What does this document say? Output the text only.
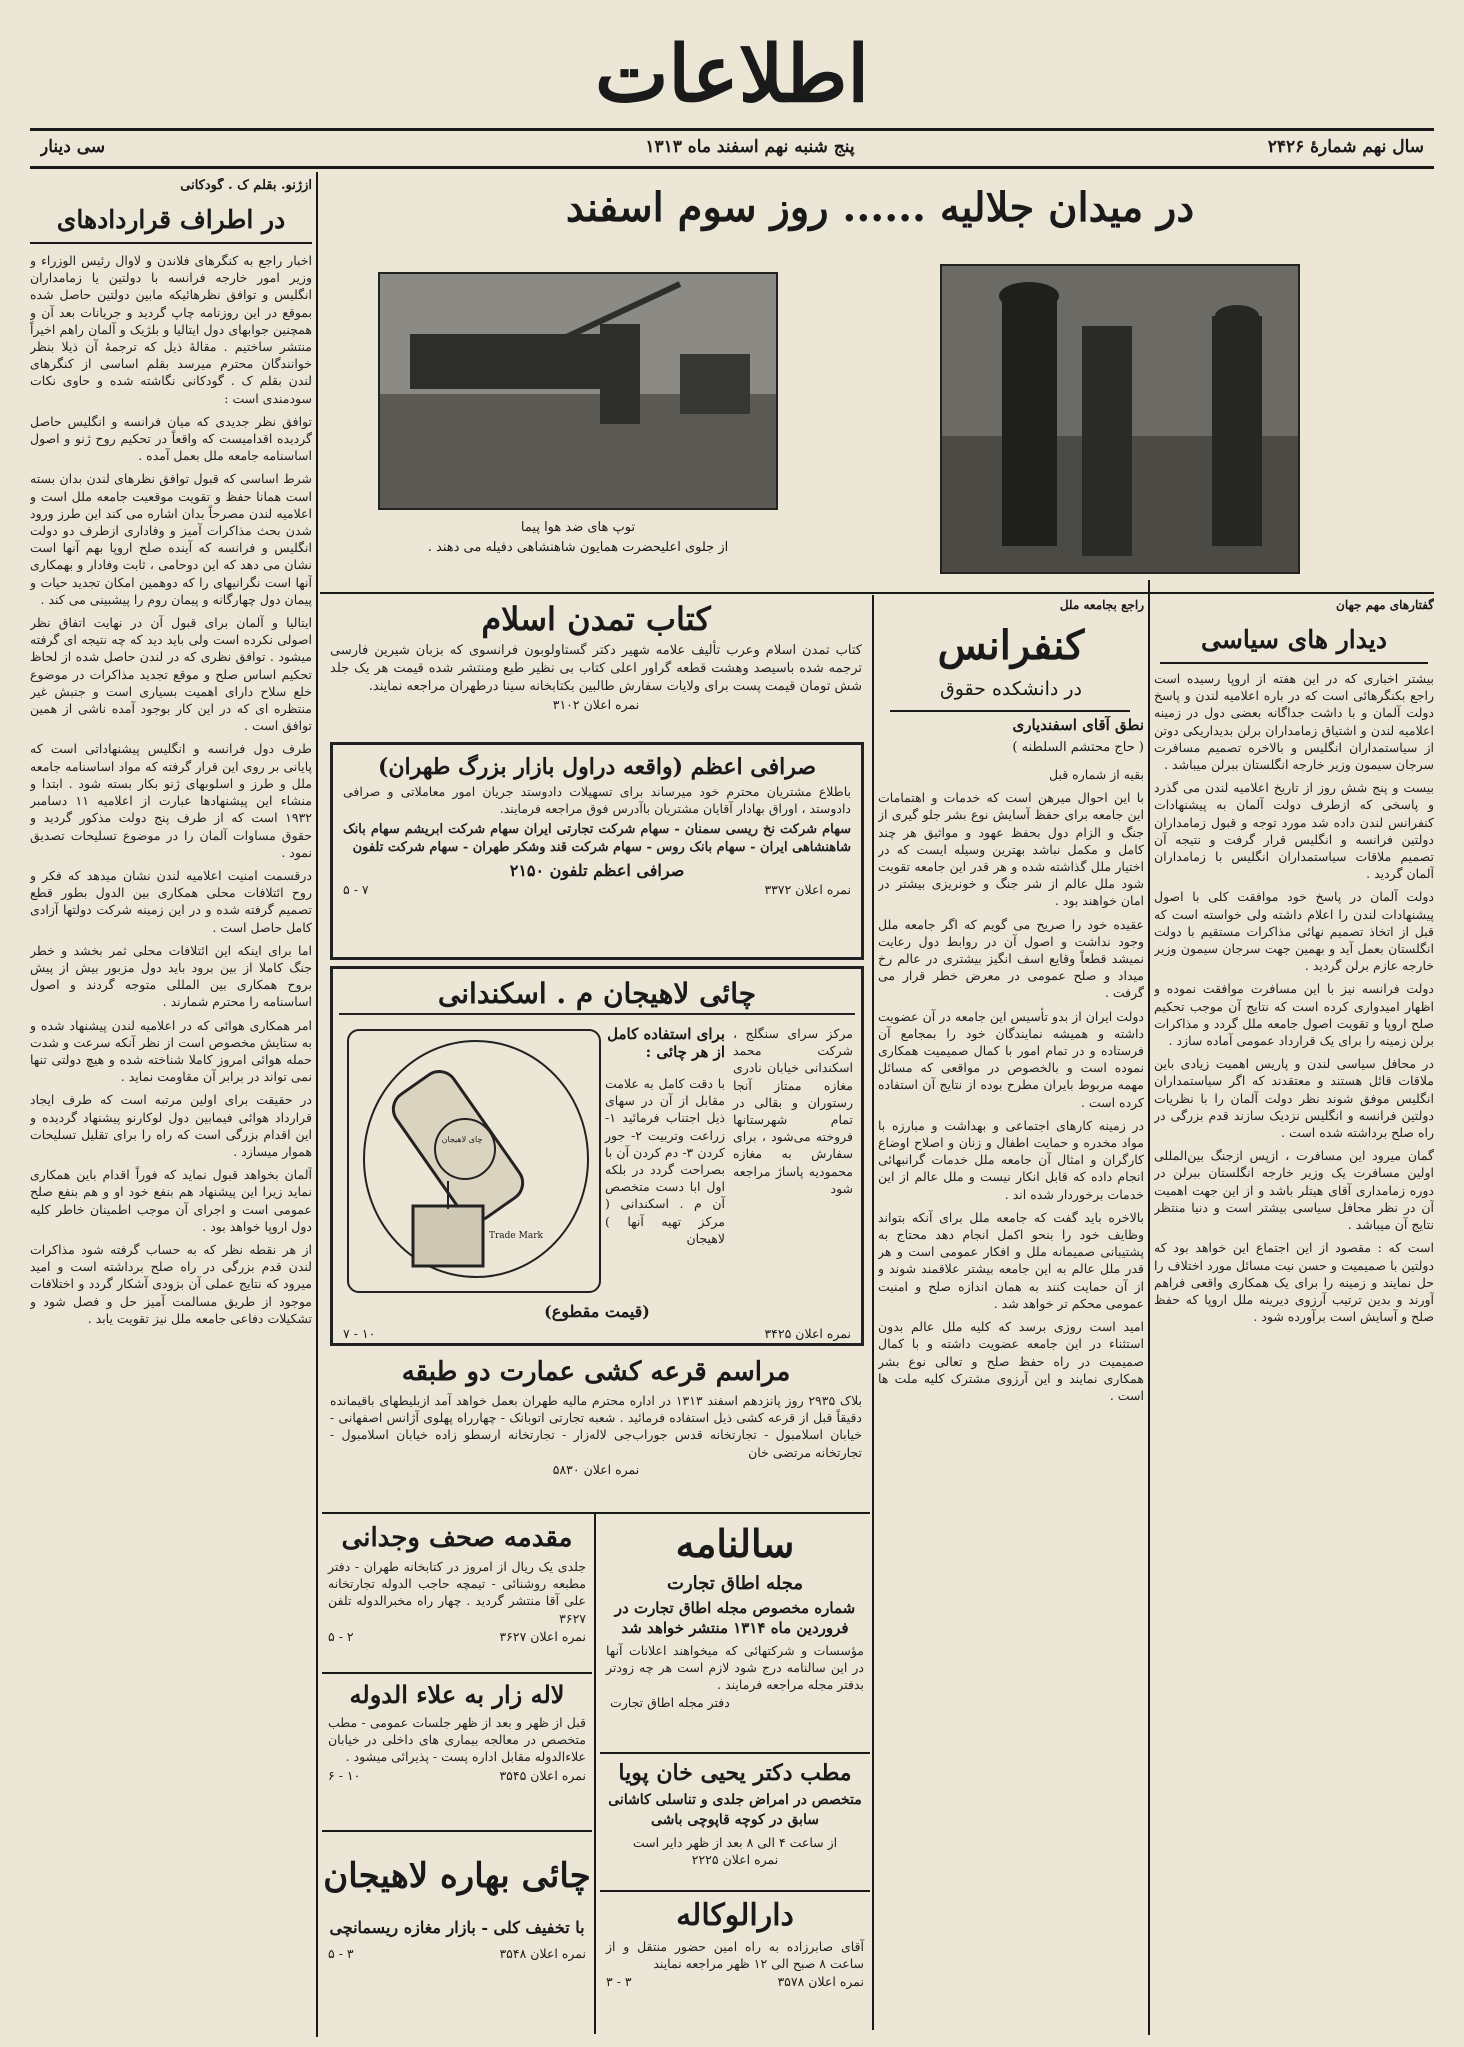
اطلاعات
سال نهم شمارهٔ ۲۴۲۶
پنج شنبه نهم اسفند ماه ۱۳۱۳
سی دینار
در میدان جلالیه ...... روز سوم اسفند
توپ های ضد هوا پیما
از جلوی اعلیحضرت همایون شاهنشاهی دفیله می دهند .
ازژنو. بقلم ک . گودکانی
در اطراف قراردادهای

اخبار راجع به کنگرهای فلاندن و لاوال رئیس الوزراء و وزیر امور خارجه فرانسه با دولتین یا زمامداران انگلیس و توافق نظرهائیکه مابین دولتین حاصل شده بموقع در این روزنامه چاپ گردید و جریانات بعد آن و همچنین جوابهای دول ایتالیا و بلژیک و آلمان راهم اخیراً منتشر ساختیم . مقالهٔ ذیل که ترجمهٔ آن ذیلا بنظر خوانندگان محترم میرسد بقلم اساسی از کنگرهای لندن بقلم ک . گودکانی نگاشته شده و حاوی نکات سودمندی است :

توافق نظر جدیدی که میان فرانسه و انگلیس حاصل گردیده اقدامیست که واقعاً در تحکیم روح ژنو و اصول اساسنامه جامعه ملل بعمل آمده .

شرط اساسی که قبول توافق نظرهای لندن بدان بسته است همانا حفظ و تقویت موقعیت جامعه ملل است و اعلامیه لندن مصرحاً بدان اشاره می کند این طرز ورود شدن بحث مذاکرات آمیز و وفاداری ازطرف دو دولت انگلیس و فرانسه که آینده صلح اروپا بهم آنها است نشان می دهد که این دوحامی ، ثابت وفادار و بهمکاری آنها است نگرانیهای را که دوهمین امکان تجدید حیات و پیمان دول چهارگانه و پیمان روم را پیشبینی می کند .

ایتالیا و آلمان برای قبول آن در نهایت اتفاق نظر اصولی نکرده است ولی باید دید که چه نتیجه ای گرفته میشود . توافق نظری که در لندن حاصل شده از لحاظ تحکیم اساس صلح و موقع تجدید مذاکرات در موضوع خلع سلاح دارای اهمیت بسیاری است و جنبش غیر منتظره ای که در این کار بوجود آمده ناشی از همین توافق است .

طرف دول فرانسه و انگلیس پیشنهاداتی است که پایانی بر روی این قرار گرفته که مواد اساسنامه جامعه ملل و طرز و اسلوبهای ژنو بکار بسته شود . ابتدا و منشاء این پیشنهادها عبارت از اعلامیه ۱۱ دسامبر ۱۹۳۲ است که از طرف پنج دولت مذکور گردید و حقوق مساوات آلمان را در موضوع تسلیحات تصدیق نمود .

درقسمت امنیت اعلامیه لندن نشان میدهد که فکر و روح ائتلافات محلی همکاری بین الدول بطور قطع تصمیم گرفته شده و در این زمینه شرکت دولتها آزادی کامل حاصل است .

اما برای اینکه این ائتلافات محلی ثمر بخشد و خطر جنگ کاملا از بین برود باید دول مزبور بیش از پیش بروح همکاری بین المللی متوجه گردند و اصول اساسنامه را محترم شمارند .

امر همکاری هوائی که در اعلامیه لندن پیشنهاد شده و به ستایش مخصوص است از نظر آنکه سرعت و شدت حمله هوائی امروز کاملا شناخته شده و هیچ دولتی تنها نمی تواند در برابر آن مقاومت نماید .

در حقیقت برای اولین مرتبه است که طرف ایجاد قرارداد هوائی فیمابین دول لوکارنو پیشنهاد گردیده و این اقدام بزرگی است که راه را برای تقلیل تسلیحات هموار میسازد .

آلمان بخواهد قبول نماید که فوراً اقدام باین همکاری نماید زیرا این پیشنهاد هم بنفع خود او و هم بنفع صلح عمومی است و اجرای آن موجب اطمینان خاطر کلیه دول اروپا خواهد بود .

از هر نقطه نظر که به حساب گرفته شود مذاکرات لندن قدم بزرگی در راه صلح برداشته است و امید میرود که نتایج عملی آن بزودی آشکار گردد و اختلافات موجود از طریق مسالمت آمیز حل و فصل شود و تشکیلات دفاعی جامعه ملل نیز تقویت یابد .

گفتارهای مهم جهان
دیدار های سیاسی

بیشتر اخباری که در این هفته از اروپا رسیده است راجع بکنگرهائی است که در باره اعلامیه لندن و پاسخ دولت آلمان و با داشت جداگانه بعضی دول در زمینه اعلامیه لندن و اشتیاق زمامداران برلن بدیداریکی دوتن از سیاستمداران انگلیس و بالاخره تصمیم مسافرت سرجان سیمون وزیر خارجه انگلستان ببرلن میباشد .

بیست و پنج شش روز از تاریخ اعلامیه لندن می گذرد و پاسخی که ازطرف دولت آلمان به پیشنهادات کنفرانس لندن داده شد مورد توجه و قبول زمامداران دولتین فرانسه و انگلیس قرار گرفت و نتیجه آن تصمیم ملاقات سیاستمداران انگلیس با زمامداران آلمان گردید .

دولت آلمان در پاسخ خود موافقت کلی با اصول پیشنهادات لندن را اعلام داشته ولی خواسته است که قبل از اتخاذ تصمیم نهائی مذاکرات مستقیم با دولت انگلستان بعمل آید و بهمین جهت سرجان سیمون وزیر خارجه عازم برلن گردید .

دولت فرانسه نیز با این مسافرت موافقت نموده و اظهار امیدواری کرده است که نتایج آن موجب تحکیم صلح اروپا و تقویت اصول جامعه ملل گردد و مذاکرات برلن زمینه را برای یک قرارداد عمومی آماده سازد .

در محافل سیاسی لندن و پاریس اهمیت زیادی باین ملاقات قائل هستند و معتقدند که اگر سیاستمداران انگلیس موفق شوند نظر دولت آلمان را با نظریات دولتین فرانسه و انگلیس نزدیک سازند قدم بزرگی در راه صلح برداشته شده است .

گمان میرود این مسافرت ، ازپس ازجنگ بین‌المللی اولین مسافرت یک وزیر خارجه انگلستان ببرلن در دوره زمامداری آقای هیتلر باشد و از این جهت اهمیت آن در نظر محافل سیاسی بیشتر است و دنیا منتظر نتایج آن میباشد .

است که : مقصود از این اجتماع این خواهد بود که دولتین با صمیمیت و حسن نیت مسائل مورد اختلاف را حل نمایند و زمینه را برای یک همکاری واقعی فراهم آورند و بدین ترتیب آرزوی دیرینه ملل اروپا که حفظ صلح و آسایش است برآورده شود .

راجع بجامعه ملل
کنفرانس
در دانشکده حقوق
نطق آقای اسفندیاری
( حاج محتشم السلطنه )

بقیه از شماره قبل

با این احوال میرهن است که خدمات و اهتمامات این جامعه برای حفظ آسایش نوع بشر جلو گیری از جنگ و الزام دول بحفظ عهود و مواثیق هر چند کامل و مکمل نباشد بهترین وسیله ایست که در اختیار ملل گذاشته شده و هر قدر این جامعه تقویت شود ملل عالم از شر جنگ و خونریزی بیشتر در امان خواهند بود .

عقیده خود را صریح می گویم که اگر جامعه ملل وجود نداشت و اصول آن در روابط دول رعایت نمیشد قطعاً وقایع اسف انگیز بیشتری در عالم رخ میداد و صلح عمومی در معرض خطر قرار می گرفت .

دولت ایران از بدو تأسیس این جامعه در آن عضویت داشته و همیشه نمایندگان خود را بمجامع آن فرستاده و در تمام امور با کمال صمیمیت همکاری نموده است و بالخصوص در مواقعی که مسائل مهمه مربوط بایران مطرح بوده از نتایج آن استفاده کرده است .

در زمینه کارهای اجتماعی و بهداشت و مبارزه با مواد مخدره و حمایت اطفال و زنان و اصلاح اوضاع کارگران و امثال آن جامعه ملل خدمات گرانبهائی انجام داده که قابل انکار نیست و ملل عالم از این خدمات برخوردار شده اند .

بالاخره باید گفت که جامعه ملل برای آنکه بتواند وظایف خود را بنحو اکمل انجام دهد محتاج به پشتیبانی صمیمانه ملل و افکار عمومی است و هر قدر ملل عالم به این جامعه بیشتر علاقمند شوند و از آن حمایت کنند به همان اندازه صلح و امنیت عمومی محکم تر خواهد شد .

امید است روزی برسد که کلیه ملل عالم بدون استثناء در این جامعه عضویت داشته و با کمال صمیمیت در راه حفظ صلح و تعالی نوع بشر همکاری نمایند و این آرزوی مشترک کلیه ملت ها است .

کتاب تمدن اسلام
کتاب تمدن اسلام وعرب تألیف علامه شهیر دکتر گستاولوبون فرانسوی که بزبان شیرین فارسی ترجمه شده باسیصد وهشت قطعه گراور اعلی کتاب بی نظیر طبع ومنتشر شده قیمت هر یک جلد شش تومان قیمت پست برای ولایات سفارش طالبین بکتابخانه سینا درطهران مراجعه نمایند.
نمره اعلان ۳۱۰۲
صرافی اعظم (واقعه دراول بازار بزرگ طهران)
باطلاع مشتریان محترم خود میرساند برای تسهیلات دادوستد جریان امور معاملاتی و صرافی دادوستد ، اوراق بهادار آقایان مشتریان باآدرس فوق مراجعه فرمایند.
سهام شرکت نخ ریسی سمنان - سهام شرکت تجارتی ایران سهام شرکت ابریشم سهام بانک شاهنشاهی ایران - سهام بانک روس - سهام شرکت قند وشکر طهران - سهام شرکت تلفون
صرافی اعظم تلفون ۲۱۵۰
نمره اعلان ۳۳۷۲
۷ - ۵
چائی لاهیجان م . اسکندانی
مرکز سرای سنگلج ، شرکت محمد اسکندانی خیابان نادری مغازه ممتاز آنجا رستوران و بقالی در تمام شهرستانها فروخته می‌شود ، برای سفارش به مغازه محمودیه پاساژ مراجعه شود
برای استفاده کامل از هر چائی :
با دقت کامل به علامت مقابل از آن در سهای ذیل اجتناب فرمائید ۱- زراعت وتربیت ۲- جور کردن ۳- دم کردن آن با بصراحت گردد در بلکه اول ابا دست متخصص آن م . اسکندانی ( مرکز تهیه آنها ) لاهیجان
چای لاهیجان
Trade Mark
(قیمت مقطوع)
نمره اعلان ۳۴۲۵
۱۰ - ۷
مراسم قرعه کشی عمارت دو طبقه
بلاک ۲۹۳۵ روز پانزدهم اسفند ۱۳۱۳ در اداره محترم مالیه طهران بعمل خواهد آمد ازبلیطهای باقیمانده دقیقاً قبل از قرعه کشی ذیل استفاده فرمائید . شعبه تجارتی اتوبانک - چهارراه پهلوی آژانس اصفهانی - خیابان اسلامبول - تجارتخانه قدس جوراب‌جی لاله‌زار - تجارتخانه ارسطو زاده خیابان اسلامبول - تجارتخانه مرتضی خان
نمره اعلان ۵۸۳۰
سالنامه
مجله اطاق تجارت
شماره مخصوص مجله اطاق تجارت در فروردین ماه ۱۳۱۴ منتشر خواهد شد
مؤسسات و شرکتهائی که میخواهند اعلانات آنها در این سالنامه درج شود لازم است هر چه زودتر بدفتر مجله مراجعه فرمایند .
دفتر مجله اطاق تجارت
مطب دکتر یحیی خان پویا
متخصص در امراض جلدی و تناسلی کاشانی سابق در کوچه قاپوچی باشی
از ساعت ۴ الی ۸ بعد از ظهر دایر است
نمره اعلان ۲۲۲۵
دارالوکاله
آقای صابرزاده به راه امین حضور منتقل و از ساعت ۸ صبح الی ۱۲ ظهر مراجعه نمایند
نمره اعلان ۳۵۷۸
۳ - ۳
مقدمه صحف وجدانی
جلدی یک ریال از امروز در کتابخانه طهران - دفتر مطبعه روشنائی - تیمچه حاجب الدوله تجارتخانه علی آقا منتشر گردید . چهار راه مخبرالدوله تلفن ۳۶۲۷
نمره اعلان ۳۶۲۷
۲ - ۵
لاله زار به علاء الدوله
قبل از ظهر و بعد از ظهر جلسات عمومی - مطب متخصص در معالجه بیماری های داخلی در خیابان علاءالدوله مقابل اداره پست - پذیرائی میشود .
نمره اعلان ۳۵۴۵
۱۰ - ۶
چائی بهاره لاهیجان
با تخفیف کلی - بازار مغازه ریسمانچی
نمره اعلان ۳۵۴۸
۳ - ۵
